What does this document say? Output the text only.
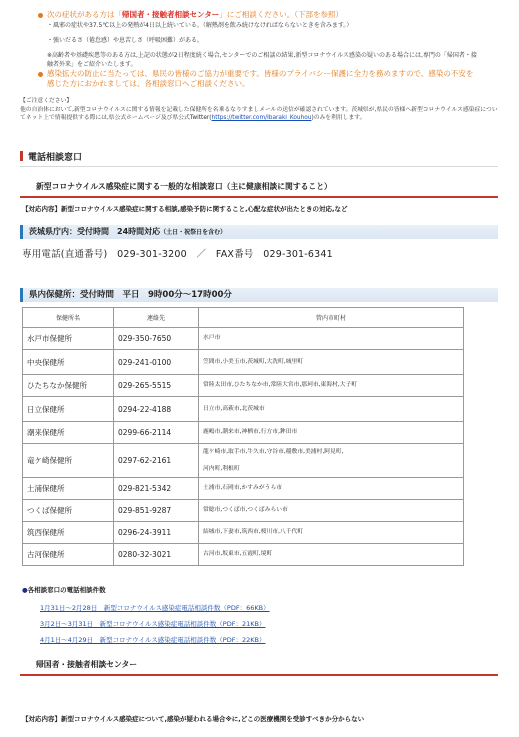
次の症状がある方は「帰国者・接触者相談センター」にご相談ください。（下部を参照）
・風邪の症状や37.5℃以上の発熱が4日以上続いている。（解熱剤を飲み続けなければならないときを含みます。）
・強いだるさ（倦怠感）や息苦しさ（呼吸困難）がある。
※高齢者や基礎疾患等のある方は,上記の状態が2日程度続く場合,センターでのご相談の結果,新型コロナウイルス感染の疑いのある場合には,専門の「帰国者・接触者外来」をご紹介いたします。
感染拡大の防止に当たっては、県民の皆様のご協力が重要です。皆様のプライバシー保護に全力を務めますので、感染の不安を感じた方におかれましては、各相談窓口へご相談ください。
【ご注意ください】
他の自治体において,新型コロナウイルスに関する情報を記載した保健所を名乗るなりすましメールの送信が確認されています。茨城県が,県民の皆様へ新型コロナウイルス感染症についてネット上で情報提供する際には,県公式ホームページ及び県公式Twitter(https://twitter.com/Ibaraki_Kouhou)のみを利用します。
電話相談窓口
新型コロナウイルス感染症に関する一般的な相談窓口（主に健康相談に関すること）
【対応内容】新型コロナウイルス感染症に関する相談,感染予防に関すること,心配な症状が出たときの対応,など
茨城県庁内：受付時間　24時間対応（土日・祝祭日を含む）
専用電話(直通番号)　029-301-3200　／　FAX番号　029-301-6341
県内保健所：受付時間　平日　9時00分～17時00分
保健所名	連絡先	管内市町村
水戸市保健所	029-350-7650	水戸市
中央保健所	029-241-0100	笠間市,小美玉市,茨城町,大洗町,城里町
ひたちなか保健所	029-265-5515	常陸太田市,ひたちなか市,常陸大宮市,那珂市,東海村,大子町
日立保健所	0294-22-4188	日立市,高萩市,北茨城市
潮来保健所	0299-66-2114	鹿嶋市,潮来市,神栖市,行方市,鉾田市
竜ケ崎保健所	0297-62-2161	龍ケ崎市,取手市,牛久市,守谷市,稲敷市,美浦村,阿見町,
河内町,利根町

土浦保健所	029-821-5342	土浦市,石岡市,かすみがうら市
つくば保健所	029-851-9287	常総市,つくば市,つくばみらい市
筑西保健所	0296-24-3911	結城市,下妻市,筑西市,桜川市,八千代町
古河保健所	0280-32-3021	古河市,坂東市,五霞町,境町
●各相談窓口の電話相談件数
1月31日～2月28日　新型コロナウイルス感染症電話相談件数（PDF：66KB）
3月2日～3月31日　新型コロナウイルス感染症電話相談件数（PDF：21KB）
4月1日～4月29日　新型コロナウイルス感染症電話相談件数（PDF：22KB）
帰国者・接触者相談センター
【対応内容】新型コロナウイルス感染症について,感染が疑われる場合※に,どこの医療機関を受診すべきか分からない
